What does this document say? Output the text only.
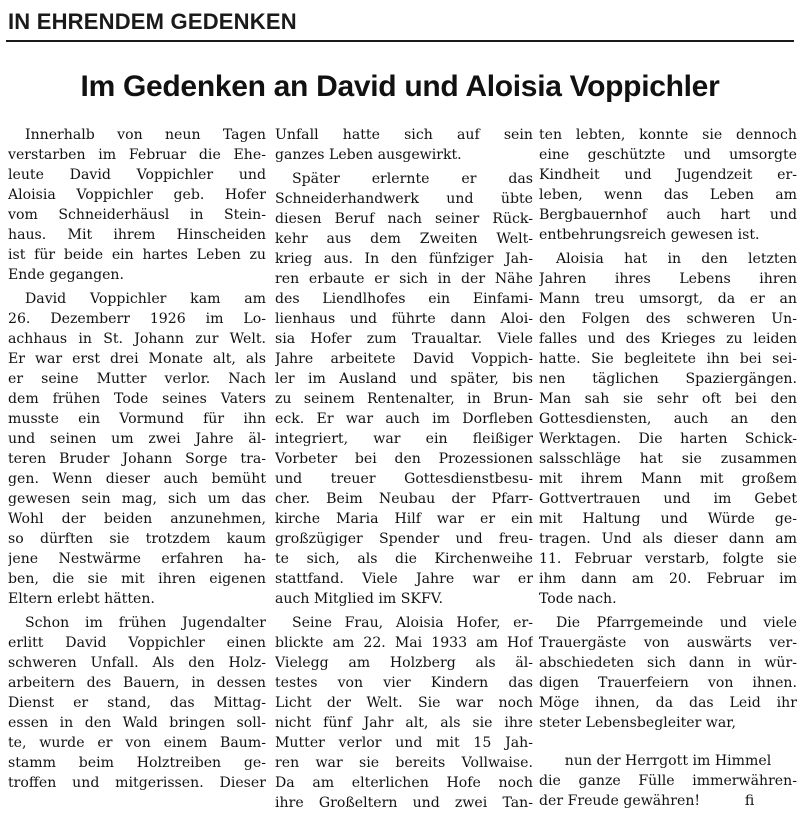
IN EHRENDEM GEDENKEN
Im Gedenken an David und Aloisia Voppichler

Innerhalb von neun Tagen
verstarben im Februar die Ehe-
leute David Voppichler und
Aloisia Voppichler geb. Hofer
vom Schneiderhäusl in Stein-
haus. Mit ihrem Hinscheiden
ist für beide ein hartes Leben zu
Ende gegangen.

David Voppichler kam am
26. Dezemberr 1926 im Lo-
achhaus in St. Johann zur Welt.
Er war erst drei Monate alt, als
er seine Mutter verlor. Nach
dem frühen Tode seines Vaters
musste ein Vormund für ihn
und seinen um zwei Jahre äl-
teren Bruder Johann Sorge tra-
gen. Wenn dieser auch bemüht
gewesen sein mag, sich um das
Wohl der beiden anzunehmen,
so dürften sie trotzdem kaum
jene Nestwärme erfahren ha-
ben, die sie mit ihren eigenen
Eltern erlebt hätten.

Schon im frühen Jugendalter
erlitt David Voppichler einen
schweren Unfall. Als den Holz-
arbeitern des Bauern, in dessen
Dienst er stand, das Mittag-
essen in den Wald bringen soll-
te, wurde er von einem Baum-
stamm beim Holztreiben ge-
troffen und mitgerissen. Dieser

Unfall hatte sich auf sein
ganzes Leben ausgewirkt.

Später erlernte er das
Schneiderhandwerk und übte
diesen Beruf nach seiner Rück-
kehr aus dem Zweiten Welt-
krieg aus. In den fünfziger Jah-
ren erbaute er sich in der Nähe
des Liendlhofes ein Einfami-
lienhaus und führte dann Aloi-
sia Hofer zum Traualtar. Viele
Jahre arbeitete David Voppich-
ler im Ausland und später, bis
zu seinem Rentenalter, in Brun-
eck. Er war auch im Dorfleben
integriert, war ein fleißiger
Vorbeter bei den Prozessionen
und treuer Gottesdienstbesu-
cher. Beim Neubau der Pfarr-
kirche Maria Hilf war er ein
großzügiger Spender und freu-
te sich, als die Kirchenweihe
stattfand. Viele Jahre war er
auch Mitglied im SKFV.

Seine Frau, Aloisia Hofer, er-
blickte am 22. Mai 1933 am Hof
Vielegg am Holzberg als äl-
testes von vier Kindern das
Licht der Welt. Sie war noch
nicht fünf Jahr alt, als sie ihre
Mutter verlor und mit 15 Jah-
ren war sie bereits Vollwaise.
Da am elterlichen Hofe noch
ihre Großeltern und zwei Tan-

ten lebten, konnte sie dennoch
eine geschützte und umsorgte
Kindheit und Jugendzeit er-
leben, wenn das Leben am
Bergbauernhof auch hart und
entbehrungsreich gewesen ist.

Aloisia hat in den letzten
Jahren ihres Lebens ihren
Mann treu umsorgt, da er an
den Folgen des schweren Un-
falles und des Krieges zu leiden
hatte. Sie begleitete ihn bei sei-
nen täglichen Spaziergängen.
Man sah sie sehr oft bei den
Gottesdiensten, auch an den
Werktagen. Die harten Schick-
salsschläge hat sie zusammen
mit ihrem Mann mit großem
Gottvertrauen und im Gebet
mit Haltung und Würde ge-
tragen. Und als dieser dann am
11. Februar verstarb, folgte sie
ihm dann am 20. Februar im
Tode nach.

Die Pfarrgemeinde und viele
Trauergäste von auswärts ver-
abschiedeten sich dann in wür-
digen Trauerfeiern von ihnen.
Möge ihnen, da das Leid ihr
steter Lebensbegleiter war,

nun der Herrgott im Himmel
die ganze Fülle immerwähren-
der Freude gewähren!          fi
